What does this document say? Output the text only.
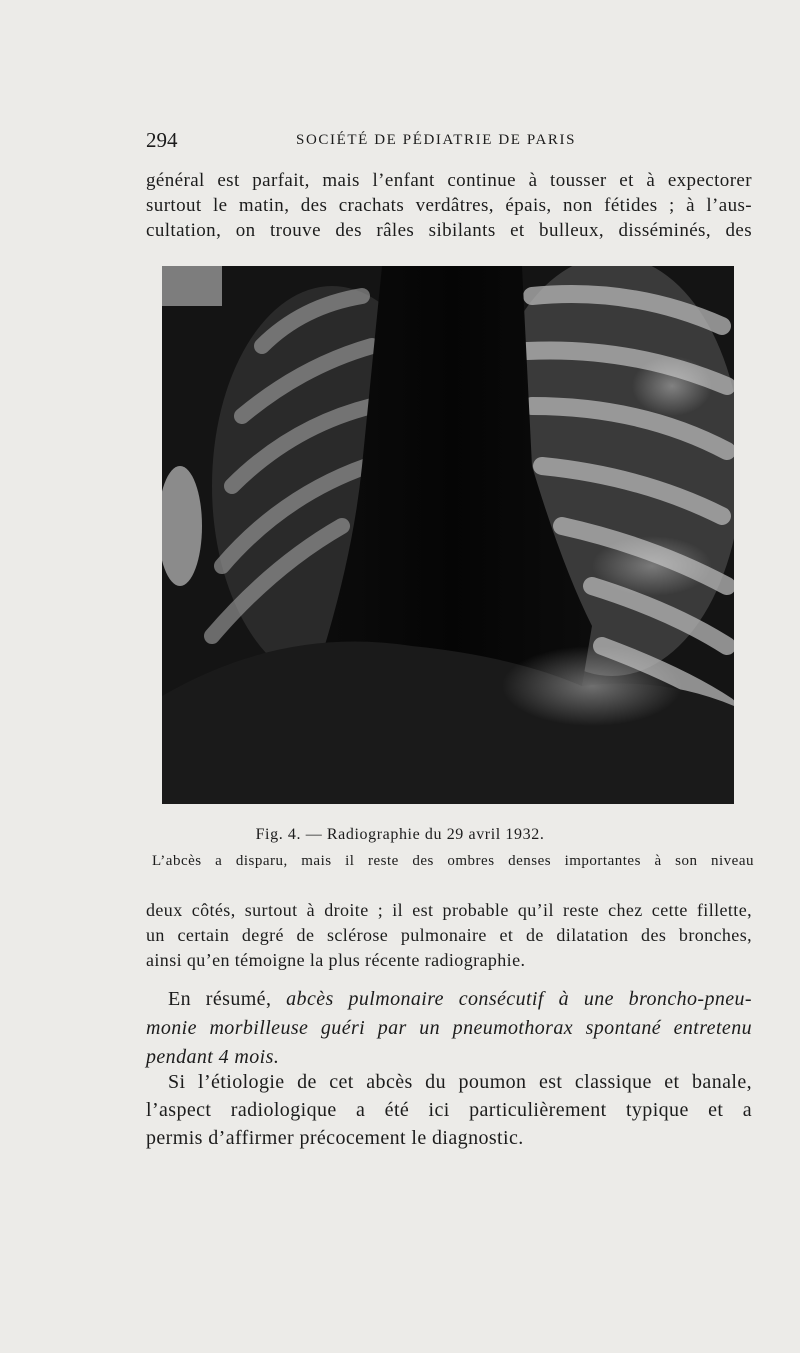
294	SOCIÉTÉ DE PÉDIATRIE DE PARIS
général est parfait, mais l’enfant continue à tousser et à expectorer
surtout le matin, des crachats verdâtres, épais, non fétides ; à l’aus-
cultation, on trouve des râles sibilants et bulleux, disséminés, des
Fig. 4. — Radiographie du 29 avril 1932.
L’abcès a disparu, mais il reste des ombres denses importantes à son niveau
deux côtés, surtout à droite ; il est probable qu’il reste chez cette fillette,
un certain degré de sclérose pulmonaire et de dilatation des bronches,
ainsi qu’en témoigne la plus récente radiographie.
En résumé, abcès pulmonaire consécutif à une broncho-pneu-
monie morbilleuse guéri par un pneumothorax spontané entretenu
pendant 4 mois.
Si l’étiologie de cet abcès du poumon est classique et banale,
l’aspect radiologique a été ici particulièrement typique et a
permis d’affirmer précocement le diagnostic.
